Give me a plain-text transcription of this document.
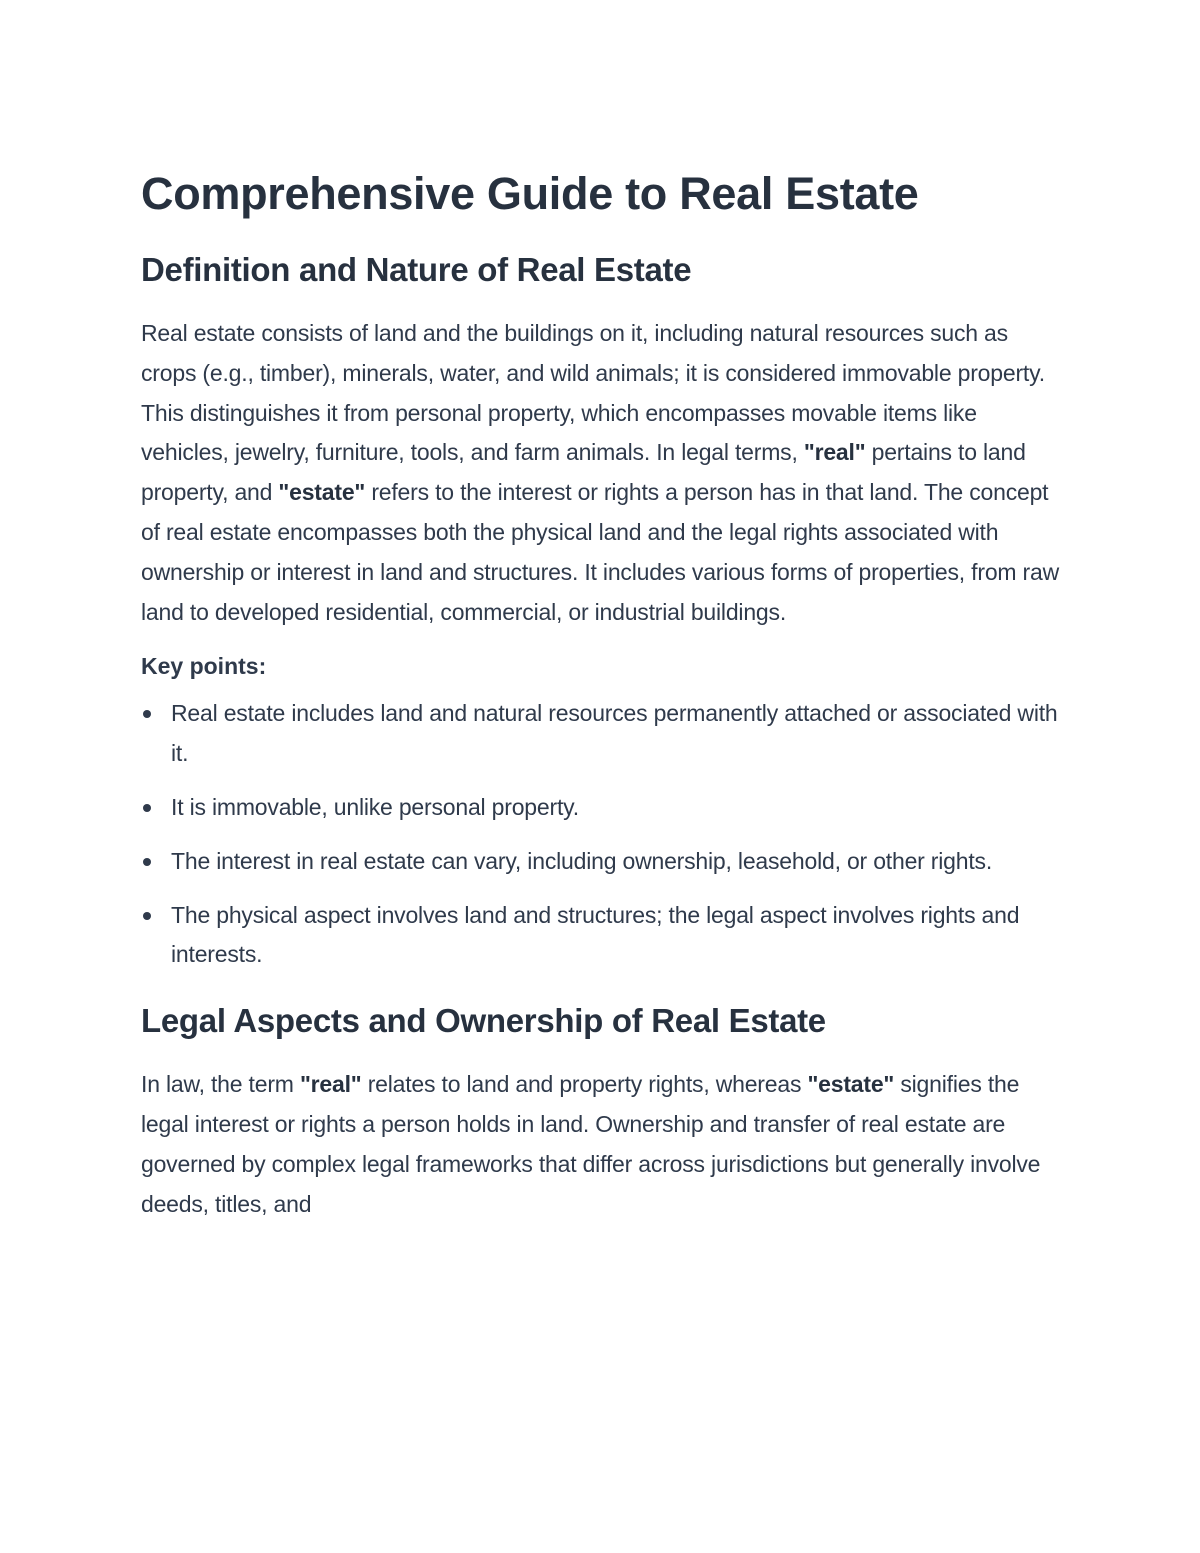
Comprehensive Guide to Real Estate
Definition and Nature of Real Estate

Real estate consists of land and the buildings on it, including natural resources such as crops (e.g., timber), minerals, water, and wild animals; it is considered immovable property. This distinguishes it from personal property, which encompasses movable items like vehicles, jewelry, furniture, tools, and farm animals. In legal terms, "real" pertains to land property, and "estate" refers to the interest or rights a person has in that land. The concept of real estate encompasses both the physical land and the legal rights associated with ownership or interest in land and structures. It includes various forms of properties, from raw land to developed residential, commercial, or industrial buildings.

Key points:
Real estate includes land and natural resources permanently attached or associated with it.
It is immovable, unlike personal property.
The interest in real estate can vary, including ownership, leasehold, or other rights.
The physical aspect involves land and structures; the legal aspect involves rights and interests.
Legal Aspects and Ownership of Real Estate

In law, the term "real" relates to land and property rights, whereas "estate" signifies the legal interest or rights a person holds in land. Ownership and transfer of real estate are governed by complex legal frameworks that differ across jurisdictions but generally involve deeds, titles, and
